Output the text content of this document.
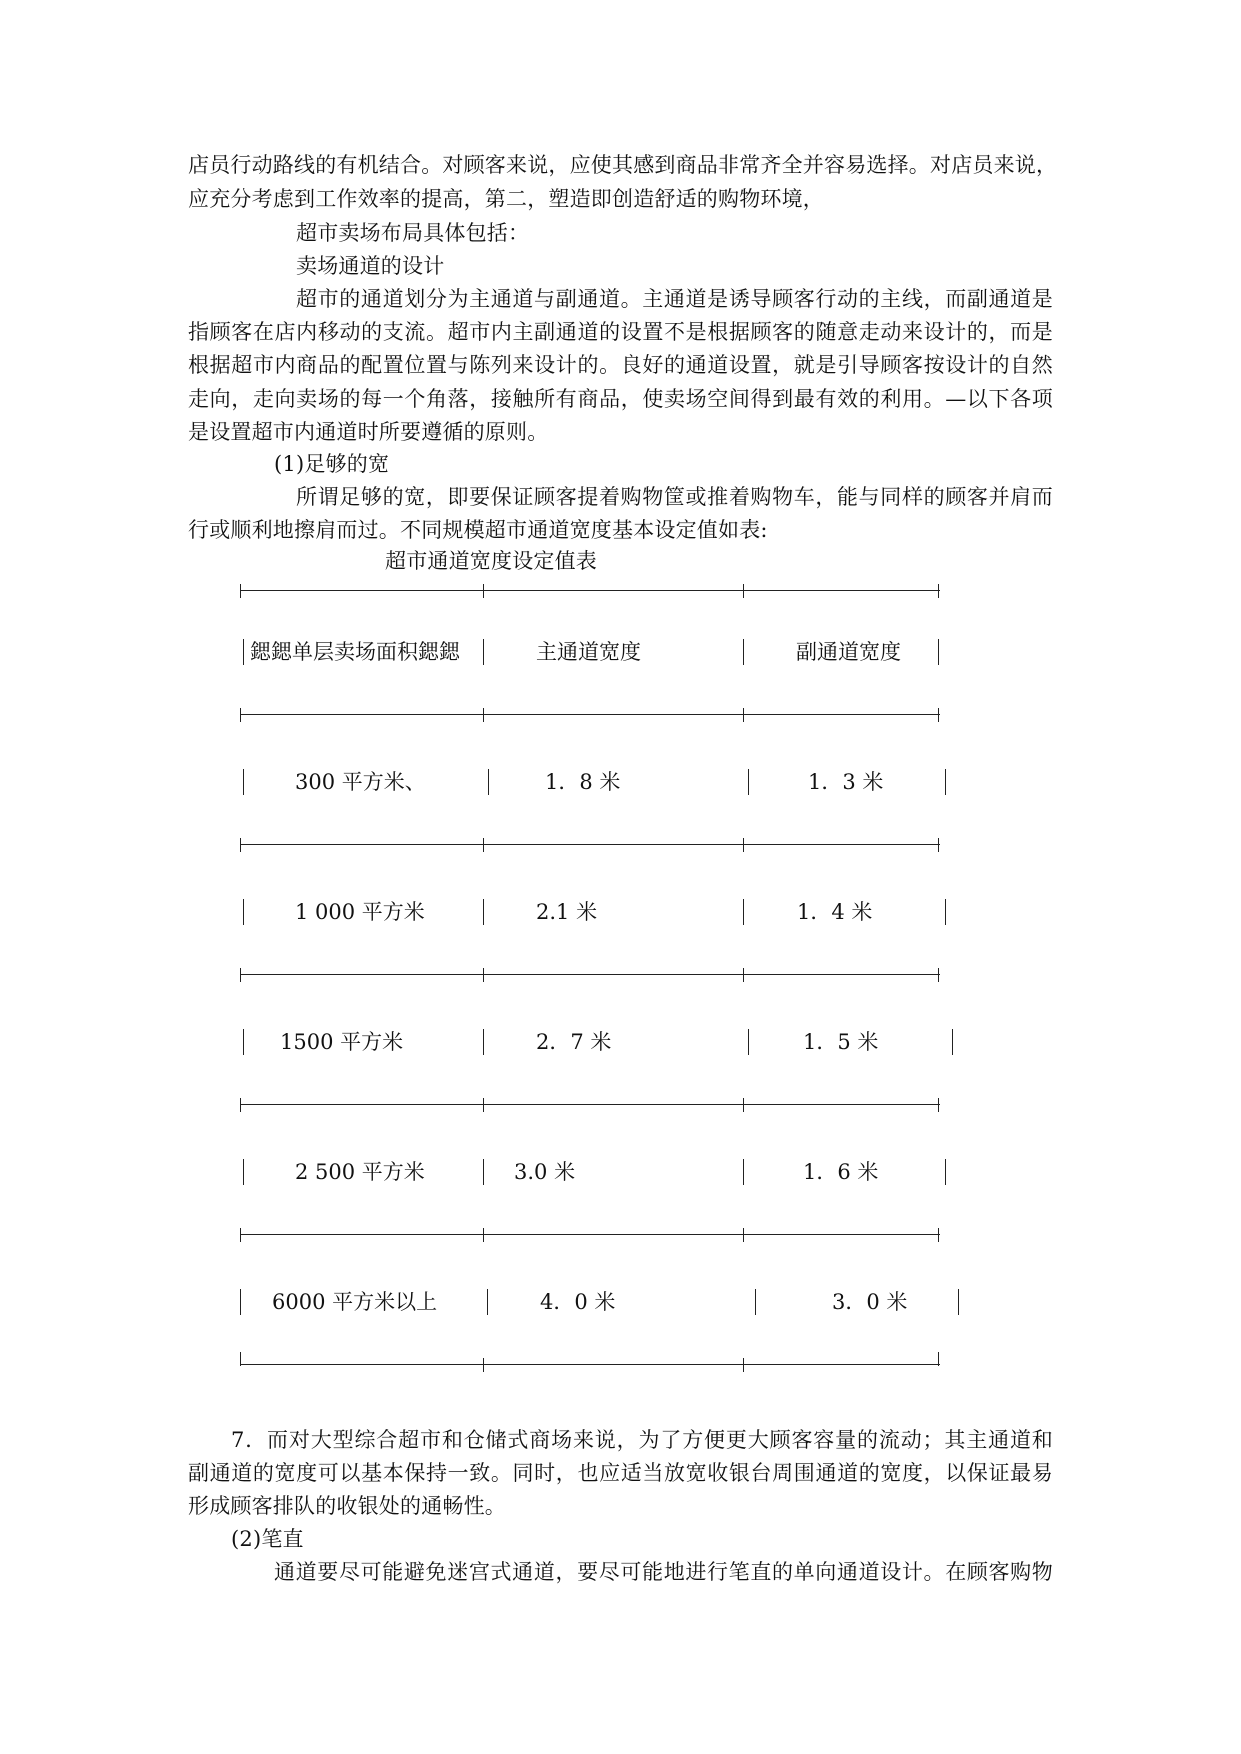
店员行动路线的有机结合。对顾客来说，应使其感到商品非常齐全并容易选择。对店员来说，
应充分考虑到工作效率的提高，第二，塑造即创造舒适的购物环境，
超市卖场布局具体包括：
卖场通道的设计
超市的通道划分为主通道与副通道。主通道是诱导顾客行动的主线，而副通道是
指顾客在店内移动的支流。超市内主副通道的设置不是根据顾客的随意走动来设计的，而是
根据超市内商品的配置位置与陈列来设计的。良好的通道设置，就是引导顾客按设计的自然
走向，走向卖场的每一个角落，接触所有商品，使卖场空间得到最有效的利用。—以下各项
是设置超市内通道时所要遵循的原则。
(1)足够的宽
所谓足够的宽，即要保证顾客提着购物筐或推着购物车，能与同样的顾客并肩而
行或顺利地擦肩而过。不同规模超市通道宽度基本设定值如表:
超市通道宽度设定值表
鍶鍶单层卖场面积鍶鍶	主通道宽度	副通道宽度
300 平方米、	1．8 米	1．3 米
1 000 平方米	2.1 米	1．4 米
1500 平方米	2．7 米	1．5 米
2 500 平方米	3.0 米	1．6 米
6000 平方米以上	4．0 米	3．0 米
7．而对大型综合超市和仓储式商场来说，为了方便更大顾客容量的流动；其主通道和
副通道的宽度可以基本保持一致。同时，也应适当放宽收银台周围通道的宽度，以保证最易
形成顾客排队的收银处的通畅性。
(2)笔直
通道要尽可能避免迷宫式通道，要尽可能地进行笔直的单向通道设计。在顾客购物
